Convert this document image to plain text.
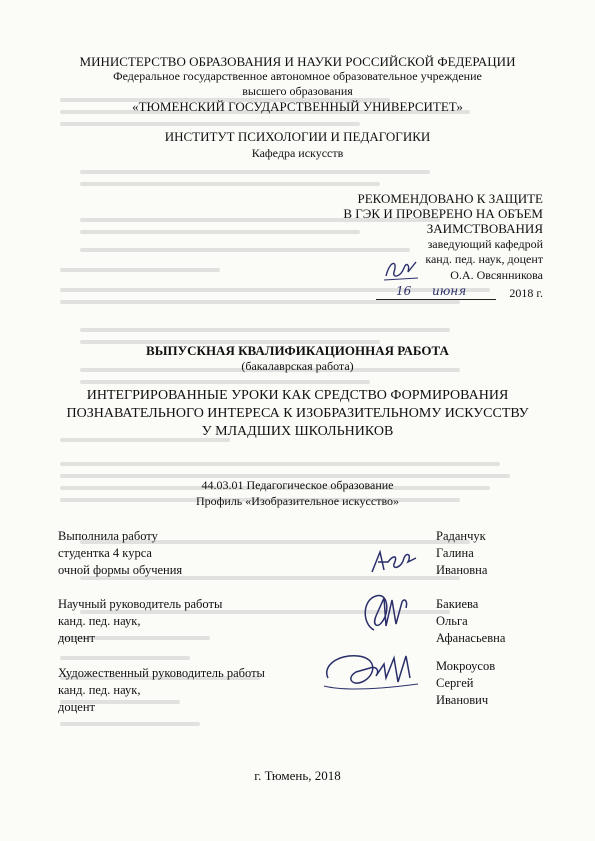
МИНИСТЕРСТВО ОБРАЗОВАНИЯ И НАУКИ РОССИЙСКОЙ ФЕДЕРАЦИИ
Федеральное государственное автономное образовательное учреждение
высшего образования
«ТЮМЕНСКИЙ ГОСУДАРСТВЕННЫЙ УНИВЕРСИТЕТ»
ИНСТИТУТ ПСИХОЛОГИИ И ПЕДАГОГИКИ
Кафедра искусств
РЕКОМЕНДОВАНО К ЗАЩИТЕ
В ГЭК И ПРОВЕРЕНО НА ОБЪЕМ
ЗАИМСТВОВАНИЯ
заведующий кафедрой
канд. пед. наук, доцент
О.А. Овсянникова
16 июня	2018 г.
ВЫПУСКНАЯ КВАЛИФИКАЦИОННАЯ РАБОТА
(бакалаврская работа)
ИНТЕГРИРОВАННЫЕ УРОКИ КАК СРЕДСТВО ФОРМИРОВАНИЯ
ПОЗНАВАТЕЛЬНОГО ИНТЕРЕСА К ИЗОБРАЗИТЕЛЬНОМУ ИСКУССТВУ
У МЛАДШИХ ШКОЛЬНИКОВ
44.03.01 Педагогическое образование
Профиль «Изобразительное искусство»
Выполнила работу
студентка 4 курса
очной формы обучения
Раданчук
Галина
Ивановна
Научный руководитель работы
канд. пед. наук,
доцент
Бакиева
Ольга
Афанасьевна
Художественный руководитель работы
канд. пед. наук,
доцент
Мокроусов
Сергей
Иванович
г. Тюмень, 2018
